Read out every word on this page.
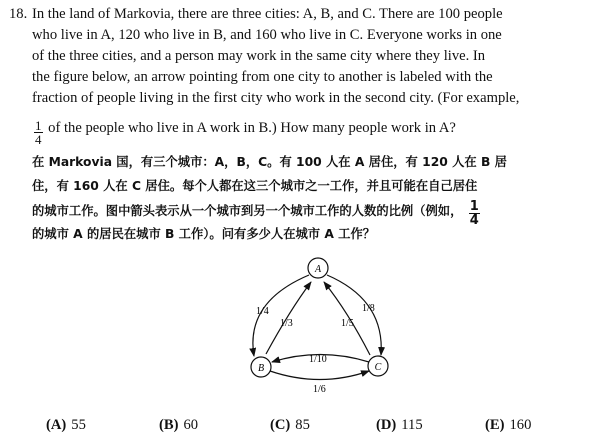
18. In the land of Markovia, there are three cities: A, B, and C. There are 100 people
who live in A, 120 who live in B, and 160 who live in C. Everyone works in one
of the three cities, and a person may work in the same city where they live. In
the figure below, an arrow pointing from one city to another is labeled with the
fraction of people living in the first city who work in the second city. (For example,
$\frac{1}{4}$ of the people who live in A work in B.) How many people work in A?
在 Markovia 国，有三个城市：A，B，C。有 100 人在 A 居住，有 120 人在 B 居
住，有 160 人在 C 居住。每个人都在这三个城市之一工作，并且可能在自己居住
的城市工作。图中箭头表示从一个城市到另一个城市工作的人数的比例（例如， $\frac{1}{4}$
的城市 A 的居民在城市 B 工作）。问有多少人在城市 A 工作？
A
B	C
1/4
1/3	1/5
1/8
1/10
1/6
(A) 55	(B) 60	(C) 85	(D) 115	(E) 160
